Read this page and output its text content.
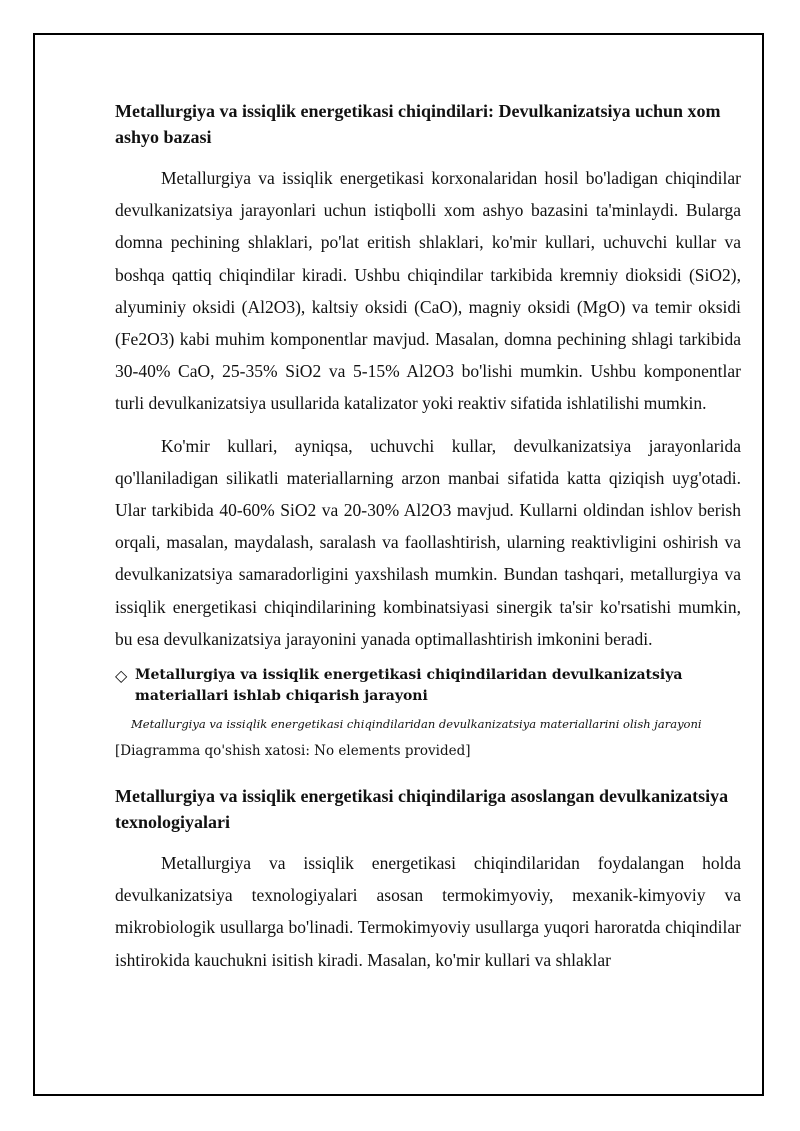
Metallurgiya va issiqlik energetikasi chiqindilari: Devulkanizatsiya uchun xom ashyo bazasi

Metallurgiya va issiqlik energetikasi korxonalaridan hosil bo'ladigan chiqindilar devulkanizatsiya jarayonlari uchun istiqbolli xom ashyo bazasini ta'minlaydi. Bularga domna pechining shlaklari, po'lat eritish shlaklari, ko'mir kullari, uchuvchi kullar va boshqa qattiq chiqindilar kiradi. Ushbu chiqindilar tarkibida kremniy dioksidi (SiO2), alyuminiy oksidi (Al2O3), kaltsiy oksidi (CaO), magniy oksidi (MgO) va temir oksidi (Fe2O3) kabi muhim komponentlar mavjud. Masalan, domna pechining shlagi tarkibida 30-40% CaO, 25-35% SiO2 va 5-15% Al2O3 bo'lishi mumkin. Ushbu komponentlar turli devulkanizatsiya usullarida katalizator yoki reaktiv sifatida ishlatilishi mumkin.

Ko'mir kullari, ayniqsa, uchuvchi kullar, devulkanizatsiya jarayonlarida qo'llaniladigan silikatli materiallarning arzon manbai sifatida katta qiziqish uyg'otadi. Ular tarkibida 40-60% SiO2 va 20-30% Al2O3 mavjud. Kullarni oldindan ishlov berish orqali, masalan, maydalash, saralash va faollashtirish, ularning reaktivligini oshirish va devulkanizatsiya samaradorligini yaxshilash mumkin. Bundan tashqari, metallurgiya va issiqlik energetikasi chiqindilarining kombinatsiyasi sinergik ta'sir ko'rsatishi mumkin, bu esa devulkanizatsiya jarayonini yanada optimallashtirish imkonini beradi.

◇ Metallurgiya va issiqlik energetikasi chiqindilaridan devulkanizatsiya materiallari ishlab chiqarish jarayoni
Metallurgiya va issiqlik energetikasi chiqindilaridan devulkanizatsiya materiallarini olish jarayoni
[Diagramma qo'shish xatosi: No elements provided]
Metallurgiya va issiqlik energetikasi chiqindilariga asoslangan devulkanizatsiya texnologiyalari

Metallurgiya va issiqlik energetikasi chiqindilaridan foydalangan holda devulkanizatsiya texnologiyalari asosan termokimyoviy, mexanik-kimyoviy va mikrobiologik usullarga bo'linadi. Termokimyoviy usullarga yuqori haroratda chiqindilar ishtirokida kauchukni isitish kiradi. Masalan, ko'mir kullari va shlaklar
